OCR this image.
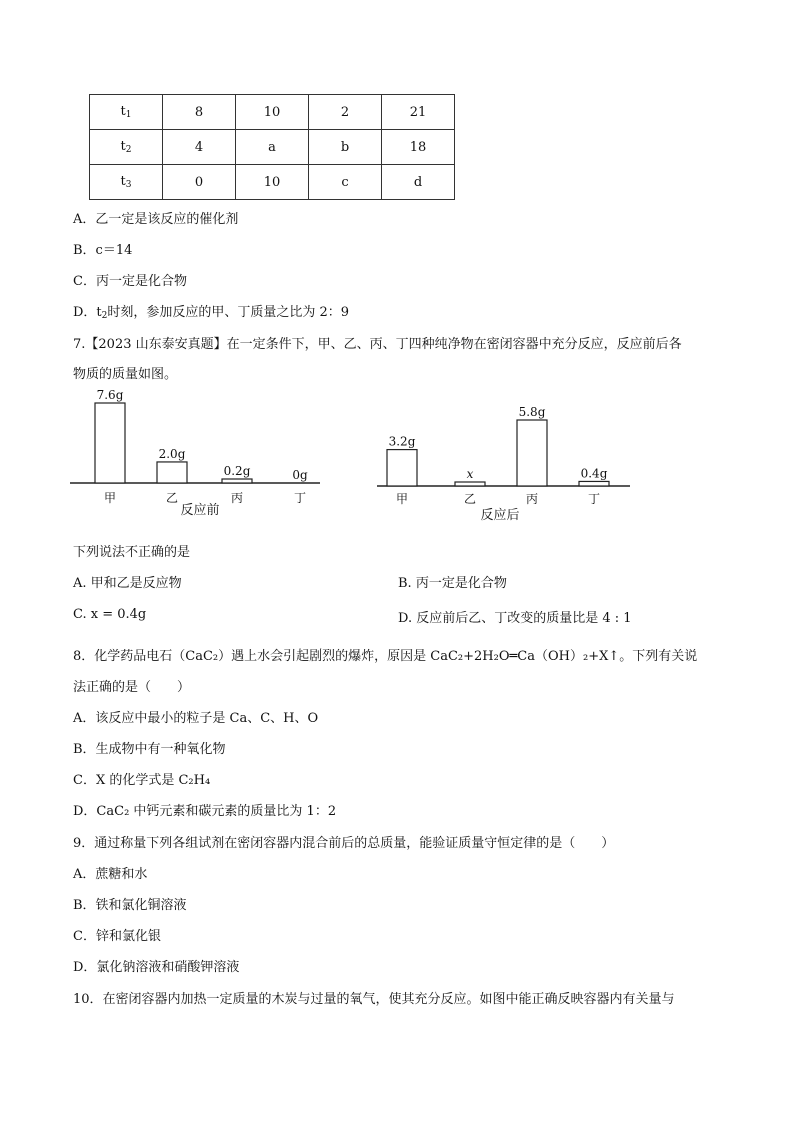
$t_1$	8	10	2	21
$t_2$	4	a	b	18
$t_3$	0	10	c	d
A．乙一定是该反应的催化剂
B．c＝14
C．丙一定是化合物
D．$t_2$时刻，参加反应的甲、丁质量之比为 2：9
7.【2023 山东泰安真题】在一定条件下，甲、乙、丙、丁四种纯净物在密闭容器中充分反应，反应前后各
物质的质量如图。
7.6g
甲
2.0g
乙
0.2g
丙
0g
丁
反应前
3.2g
甲
x
乙
5.8g
丙
0.4g
丁
反应后
下列说法不正确的是
A. 甲和乙是反应物	B. 丙一定是化合物
C. x = 0.4g	D. 反应前后乙、丁改变的质量比是 4 : 1
8．化学药品电石（CaC₂）遇上水会引起剧烈的爆炸，原因是 CaC₂+2H₂O═Ca（OH）₂+X↑。下列有关说
法正确的是（　　）
A．该反应中最小的粒子是 Ca、C、H、O
B．生成物中有一种氧化物
C．X 的化学式是 C₂H₄
D．CaC₂ 中钙元素和碳元素的质量比为 1：2
9．通过称量下列各组试剂在密闭容器内混合前后的总质量，能验证质量守恒定律的是（　　）
A．蔗糖和水
B．铁和氯化铜溶液
C．锌和氯化银
D．氯化钠溶液和硝酸钾溶液
10．在密闭容器内加热一定质量的木炭与过量的氧气，使其充分反应。如图中能正确反映容器内有关量与
